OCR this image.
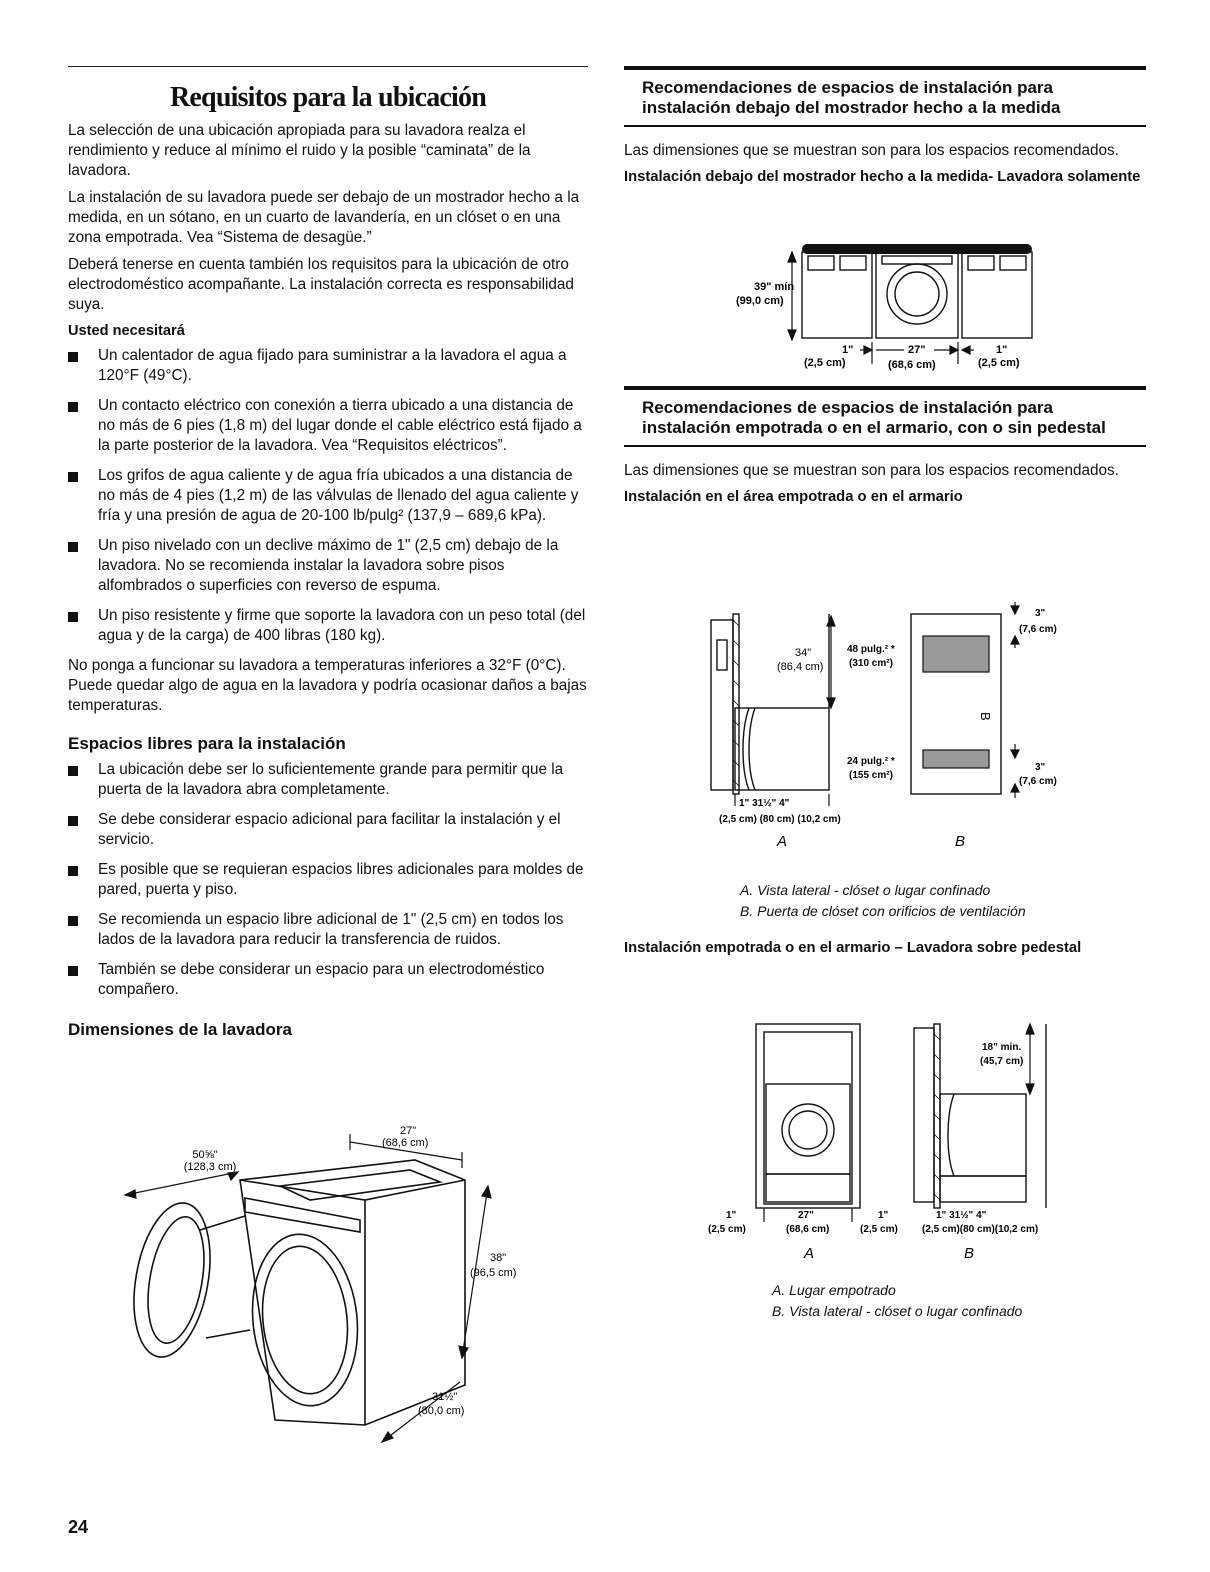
Requisitos para la ubicación

La selección de una ubicación apropiada para su lavadora realza el rendimiento y reduce al mínimo el ruido y la posible “caminata” de la lavadora.

La instalación de su lavadora puede ser debajo de un mostrador hecho a la medida, en un sótano, en un cuarto de lavandería, en un clóset o en una zona empotrada. Vea “Sistema de desagüe.”

Deberá tenerse en cuenta también los requisitos para la ubicación de otro electrodoméstico acompañante. La instalación correcta es responsabilidad suya.

Usted necesitará
Un calentador de agua fijado para suministrar a la lavadora el agua a 120°F (49°C).
Un contacto eléctrico con conexión a tierra ubicado a una distancia de no más de 6 pies (1,8 m) del lugar donde el cable eléctrico está fijado a la parte posterior de la lavadora. Vea “Requisitos eléctricos”.
Los grifos de agua caliente y de agua fría ubicados a una distancia de no más de 4 pies (1,2 m) de las válvulas de llenado del agua caliente y fría y una presión de agua de 20-100 lb/pulg² (137,9 – 689,6 kPa).
Un piso nivelado con un declive máximo de 1" (2,5 cm) debajo de la lavadora. No se recomienda instalar la lavadora sobre pisos alfombrados o superficies con reverso de espuma.
Un piso resistente y firme que soporte la lavadora con un peso total (del agua y de la carga) de 400 libras (180 kg).

No ponga a funcionar su lavadora a temperaturas inferiores a 32°F (0°C). Puede quedar algo de agua en la lavadora y podría ocasionar daños a bajas temperaturas.

Espacios libres para la instalación
La ubicación debe ser lo suficientemente grande para permitir que la puerta de la lavadora abra completamente.
Se debe considerar espacio adicional para facilitar la instalación y el servicio.
Es posible que se requieran espacios libres adicionales para moldes de pared, puerta y piso.
Se recomienda un espacio libre adicional de 1" (2,5 cm) en todos los lados de la lavadora para reducir la transferencia de ruidos.
También se debe considerar un espacio para un electrodoméstico compañero.
Dimensiones de la lavadora
50⅝"
(128,3 cm)
27"
(68,6 cm)
38"
(96,5 cm)
31½"
(80,0 cm)
Recomendaciones de espacios de instalación para instalación debajo del mostrador hecho a la medida
Las dimensiones que se muestran son para los espacios recomendados.
Instalación debajo del mostrador hecho a la medida- Lavadora solamente
39" mín
(99,0 cm)
1"
(2,5 cm)
27"
(68,6 cm)
1"
(2,5 cm)
Recomendaciones de espacios de instalación para instalación empotrada o en el armario, con o sin pedestal
Las dimensiones que se muestran son para los espacios recomendados.
Instalación en el área empotrada o en el armario
B
34"
(86,4 cm)
48 pulg.² *
(310 cm²)
24 pulg.² *
(155 cm²)
3"
(7,6 cm)
3"
(7,6 cm)
1" 31½" 4"
(2,5 cm) (80 cm) (10,2 cm)
A	B
A. Vista lateral - clóset o lugar confinado
B. Puerta de clóset con orificios de ventilación
Instalación empotrada o en el armario – Lavadora sobre pedestal
18" min.
(45,7 cm)
1"
(2,5 cm)
27"
(68,6 cm)
1"
(2,5 cm)
1" 31½" 4"
(2,5 cm)(80 cm)(10,2 cm)
A	B
A. Lugar empotrado
B. Vista lateral - clóset o lugar confinado
24
